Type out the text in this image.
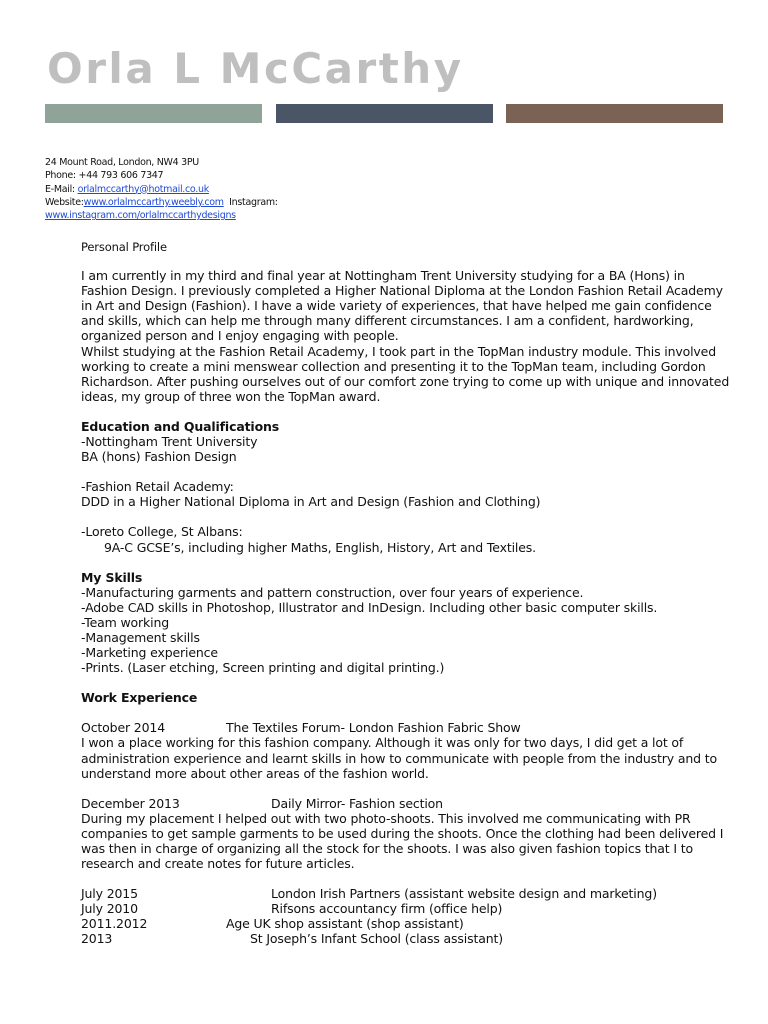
Orla L McCarthy
24 Mount Road, London, NW4 3PU
Phone: +44 793 606 7347
E-Mail: orlalmccarthy@hotmail.co.uk
Website:www.orlalmccarthy.weebly.com  Instagram:
www.instagram.com/orlalmccarthydesigns

Personal Profile

I am currently in my third and final year at Nottingham Trent University studying for a BA (Hons) in Fashion Design. I previously completed a Higher National Diploma at the London Fashion Retail Academy in Art and Design (Fashion). I have a wide variety of experiences, that have helped me gain confidence and skills, which can help me through many different circumstances. I am a confident, hardworking, organized person and I enjoy engaging with people.

Whilst studying at the Fashion Retail Academy, I took part in the TopMan industry module. This involved working to create a mini menswear collection and presenting it to the TopMan team, including Gordon Richardson. After pushing ourselves out of our comfort zone trying to come up with unique and innovated ideas, my group of three won the TopMan award.

Education and Qualifications

-Nottingham Trent University

BA (hons) Fashion Design

-Fashion Retail Academy:

DDD in a Higher National Diploma in Art and Design (Fashion and Clothing)

-Loreto College, St Albans:

9A-C GCSE’s, including higher Maths, English, History, Art and Textiles.

My Skills

-Manufacturing garments and pattern construction, over four years of experience.

-Adobe CAD skills in Photoshop, Illustrator and InDesign. Including other basic computer skills.

-Team working

-Management skills

-Marketing experience

-Prints. (Laser etching, Screen printing and digital printing.)

Work Experience

October 2014	The Textiles Forum- London Fashion Fabric Show

I won a place working for this fashion company. Although it was only for two days, I did get a lot of administration experience and learnt skills in how to communicate with people from the industry and to understand more about other areas of the fashion world.

December 2013	Daily Mirror- Fashion section

During my placement I helped out with two photo-shoots. This involved me communicating with PR companies to get sample garments to be used during the shoots. Once the clothing had been delivered I was then in charge of organizing all the stock for the shoots. I was also given fashion topics that I to research and create notes for future articles.

July 2015	London Irish Partners (assistant website design and marketing)
July 2010	Rifsons accountancy firm (office help)
2011.2012	Age UK shop assistant (shop assistant)
2013	St Joseph’s Infant School (class assistant)
